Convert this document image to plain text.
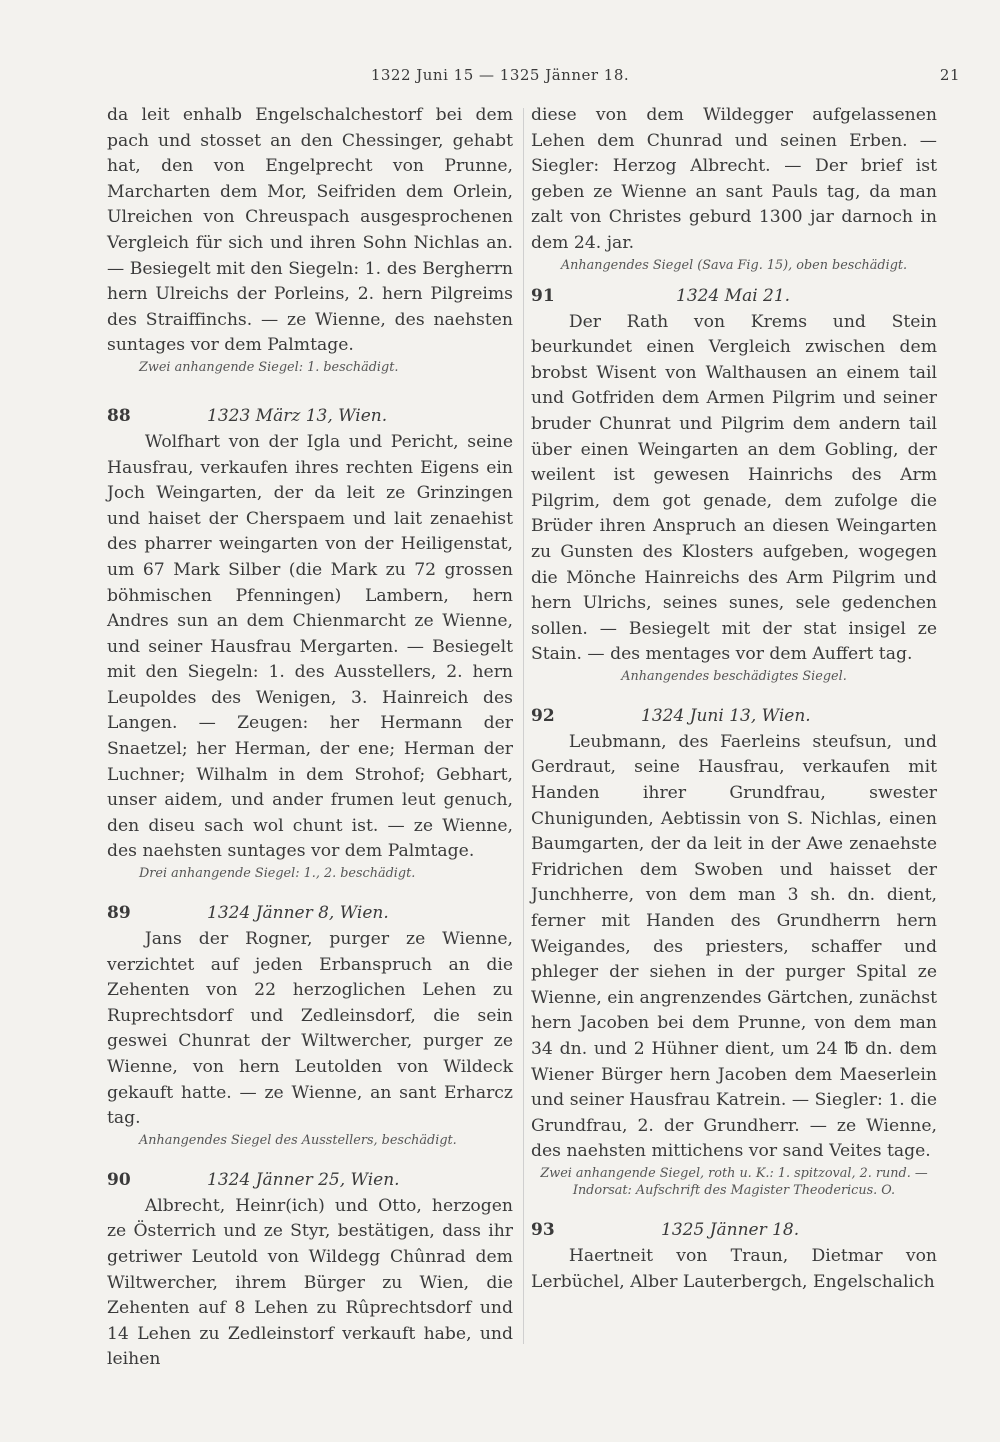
1322 Juni 15 — 1325 Jänner 18.	21

da leit enhalb Engelschalchestorf bei dem pach und stosset an den Chessinger, gehabt hat, den von Engelprecht von Prunne, Marcharten dem Mor, Seifriden dem Orlein, Ulreichen von Chreuspach ausgesprochenen Vergleich für sich und ihren Sohn Nichlas an. — Besiegelt mit den Siegeln: 1. des Bergherrn hern Ulreichs der Porleins, 2. hern Pilgreims des Straiffinchs. — ze Wienne, des naehsten suntages vor dem Palmtage.

Zwei anhangende Siegel: 1. beschädigt.

88	1323 März 13, Wien.

Wolfhart von der Igla und Pericht, seine Hausfrau, verkaufen ihres rechten Eigens ein Joch Weingarten, der da leit ze Grinzingen und haiset der Cherspaem und lait zenaehist des pharrer weingarten von der Heiligenstat, um 67 Mark Silber (die Mark zu 72 grossen böhmischen Pfenningen) Lambern, hern Andres sun an dem Chienmarcht ze Wienne, und seiner Hausfrau Mergarten. — Besiegelt mit den Siegeln: 1. des Ausstellers, 2. hern Leupoldes des Wenigen, 3. Hainreich des Langen. — Zeugen: her Hermann der Snaetzel; her Herman, der ene; Herman der Luchner; Wilhalm in dem Strohof; Gebhart, unser aidem, und ander frumen leut genuch, den diseu sach wol chunt ist. — ze Wienne, des naehsten suntages vor dem Palmtage.

Drei anhangende Siegel: 1., 2. beschädigt.

89	1324 Jänner 8, Wien.

Jans der Rogner, purger ze Wienne, verzichtet auf jeden Erbanspruch an die Zehenten von 22 herzoglichen Lehen zu Ruprechtsdorf und Zedleinsdorf, die sein geswei Chunrat der Wiltwercher, purger ze Wienne, von hern Leutolden von Wildeck gekauft hatte. — ze Wienne, an sant Erharcz tag.

Anhangendes Siegel des Ausstellers, beschädigt.

90	1324 Jänner 25, Wien.

Albrecht, Heinr(ich) und Otto, herzogen ze Österrich und ze Styr, bestätigen, dass ihr getriwer Leutold von Wildegg Chûnrad dem Wiltwercher, ihrem Bürger zu Wien, die Zehenten auf 8 Lehen zu Rûprechtsdorf und 14 Lehen zu Zedleinstorf verkauft habe, und leihen

diese von dem Wildegger aufgelassenen Lehen dem Chunrad und seinen Erben. — Siegler: Herzog Albrecht. — Der brief ist geben ze Wienne an sant Pauls tag, da man zalt von Christes geburd 1300 jar darnoch in dem 24. jar.

Anhangendes Siegel (Sava Fig. 15), oben beschädigt.

91	1324 Mai 21.

Der Rath von Krems und Stein beurkundet einen Vergleich zwischen dem brobst Wisent von Walthausen an einem tail und Gotfriden dem Armen Pilgrim und seiner bruder Chunrat und Pilgrim dem andern tail über einen Weingarten an dem Gobling, der weilent ist gewesen Hainrichs des Arm Pilgrim, dem got genade, dem zufolge die Brüder ihren Anspruch an diesen Weingarten zu Gunsten des Klosters aufgeben, wogegen die Mönche Hainreichs des Arm Pilgrim und hern Ulrichs, seines sunes, sele gedenchen sollen. — Besiegelt mit der stat insigel ze Stain. — des mentages vor dem Auffert tag.

Anhangendes beschädigtes Siegel.

92	1324 Juni 13, Wien.

Leubmann, des Faerleins steufsun, und Gerdraut, seine Hausfrau, verkaufen mit Handen ihrer Grundfrau, swester Chunigunden, Aebtissin von S. Nichlas, einen Baumgarten, der da leit in der Awe zenaehste Fridrichen dem Swoben und haisset der Junchherre, von dem man 3 sh. dn. dient, ferner mit Handen des Grundherrn hern Weigandes, des priesters, schaffer und phleger der siehen in der purger Spital ze Wienne, ein angrenzendes Gärtchen, zunächst hern Jacoben bei dem Prunne, von dem man 34 dn. und 2 Hühner dient, um 24 ℔ dn. dem Wiener Bürger hern Jacoben dem Maeserlein und seiner Hausfrau Katrein. — Siegler: 1. die Grundfrau, 2. der Grundherr. — ze Wienne, des naehsten mittichens vor sand Veites tage.

Zwei anhangende Siegel, roth u. K.: 1. spitzoval, 2. rund. — Indorsat: Aufschrift des Magister Theodericus. O.

93	1325 Jänner 18.

Haertneit von Traun, Dietmar von Lerbüchel, Alber Lauterbergch, Engelschalich
